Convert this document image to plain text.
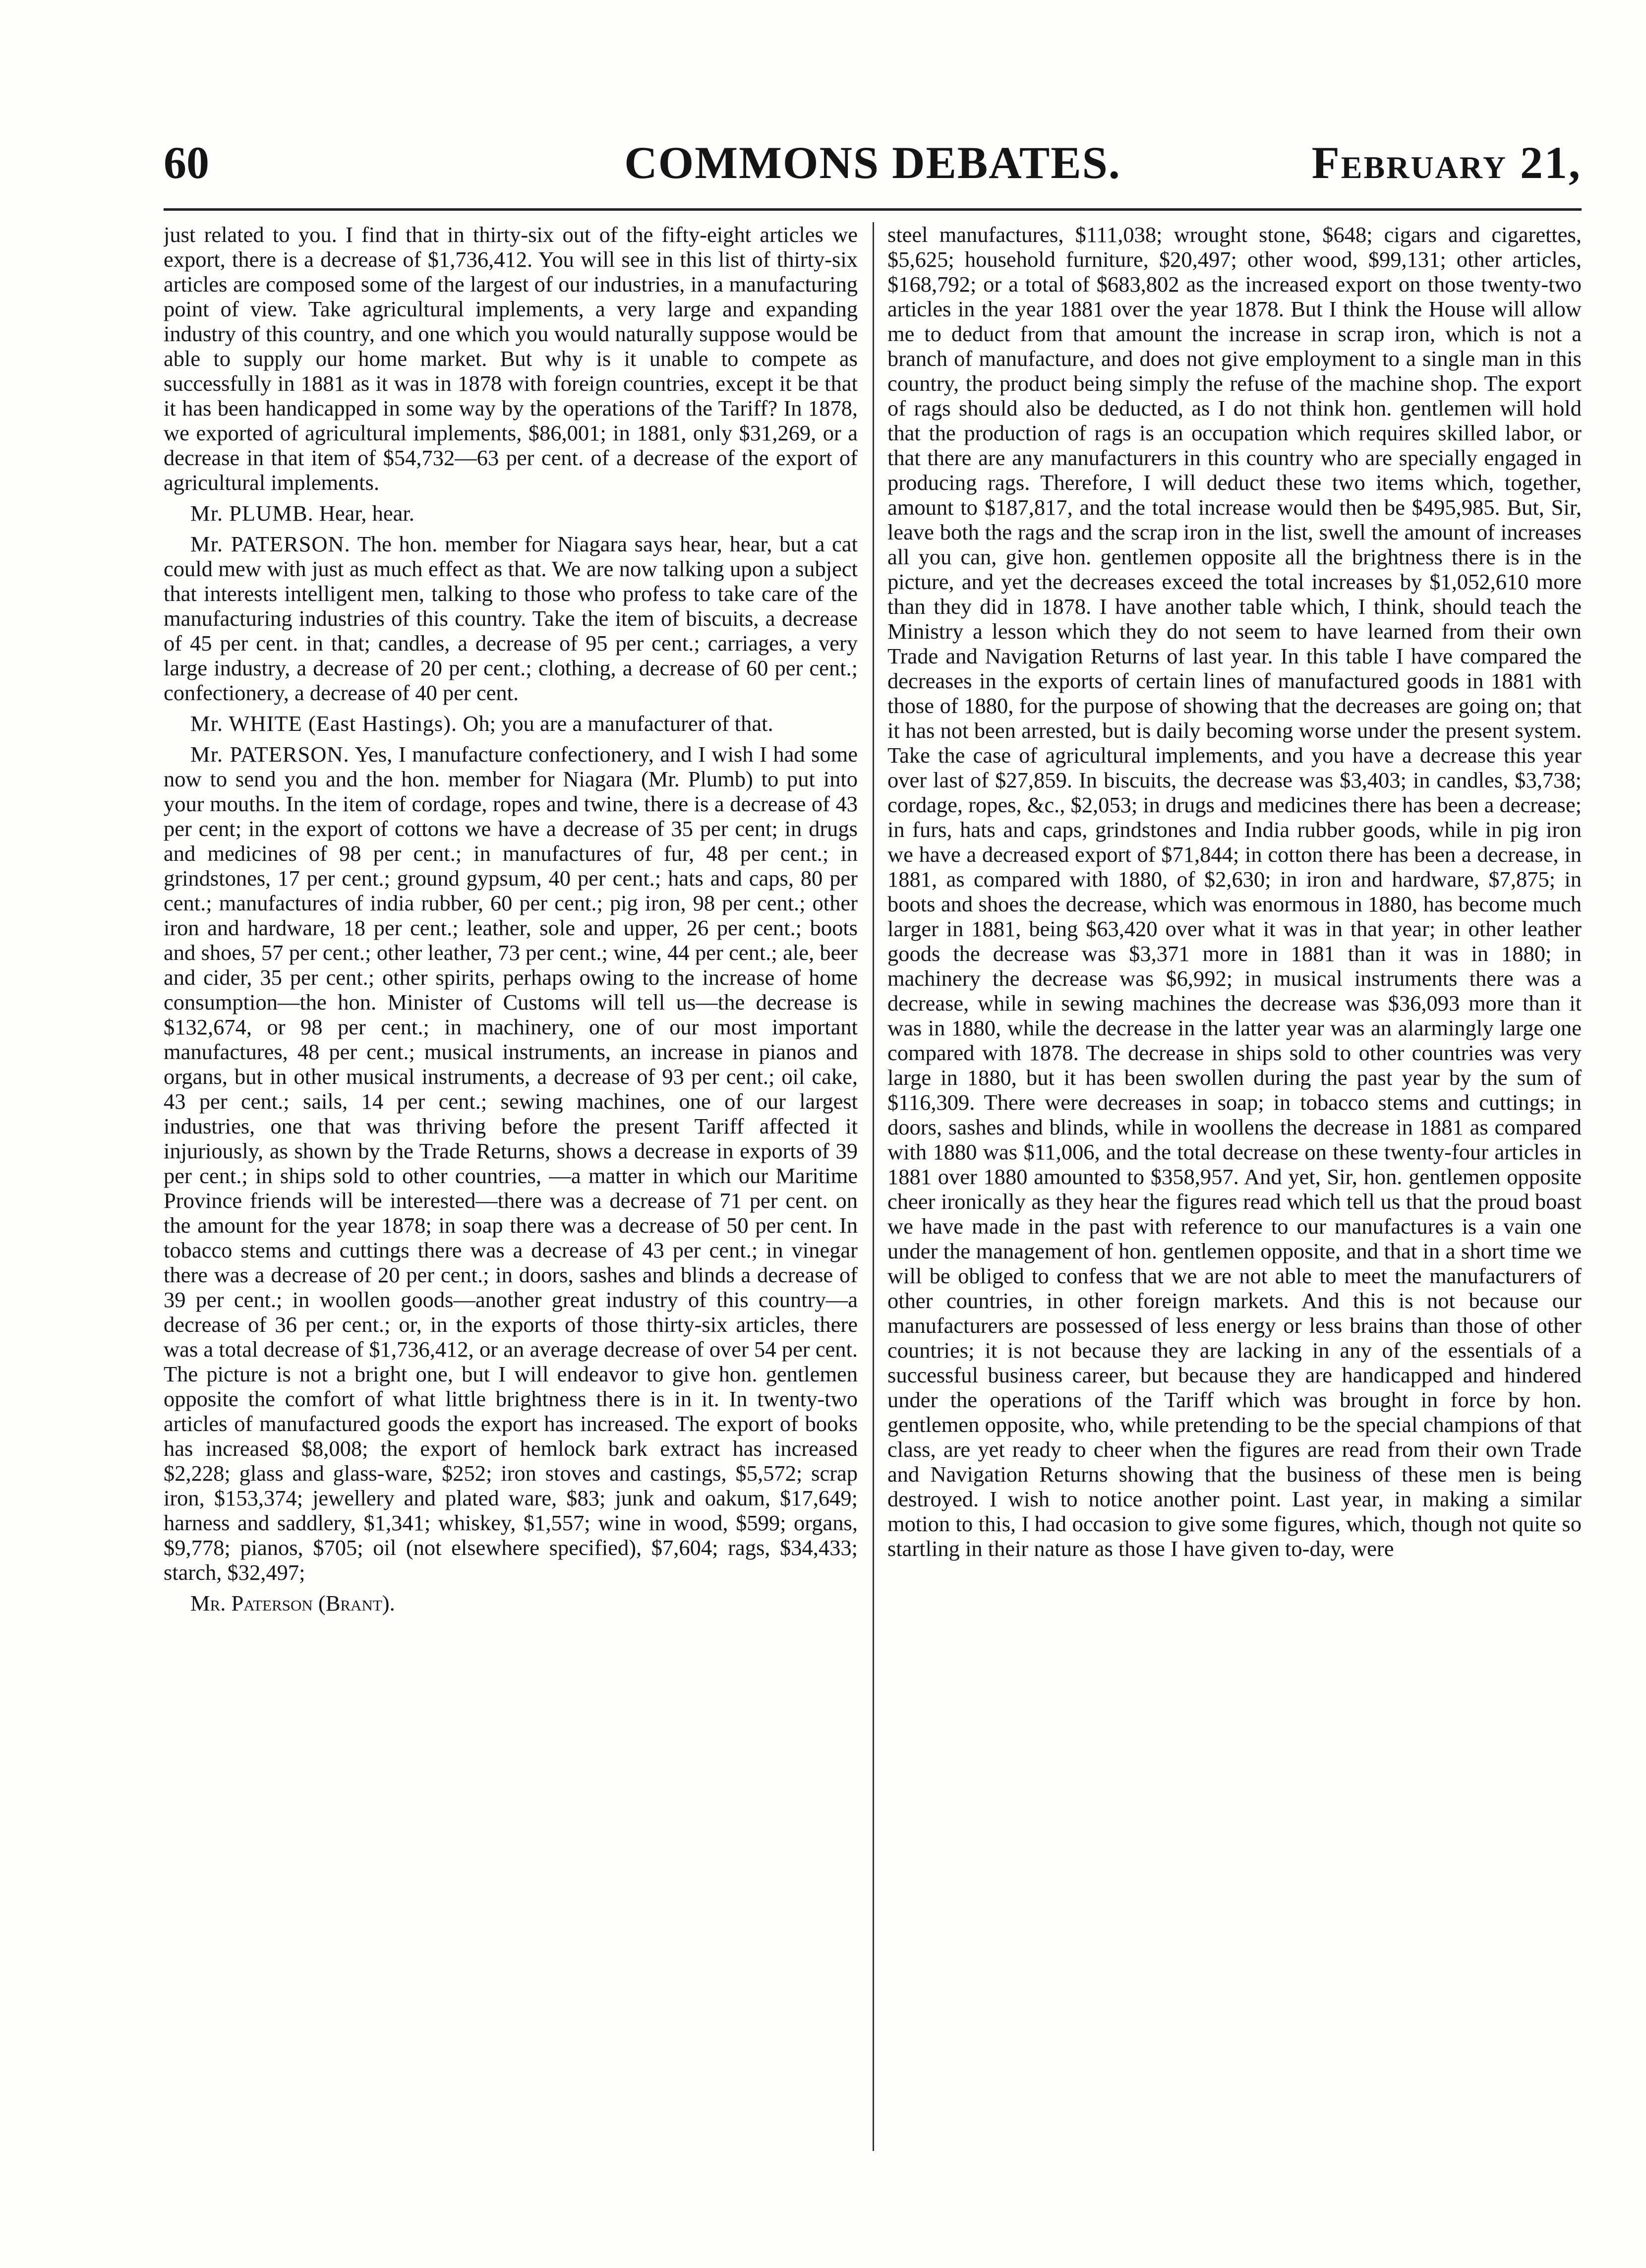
60	COMMONS DEBATES.	February 21,

just related to you. I find that in thirty-six out of the fifty-eight articles we export, there is a decrease of $1,736,412. You will see in this list of thirty-six articles are composed some of the largest of our industries, in a manufacturing point of view. Take agricultural implements, a very large and expanding industry of this country, and one which you would naturally suppose would be able to supply our home market. But why is it unable to compete as successfully in 1881 as it was in 1878 with foreign countries, except it be that it has been handicapped in some way by the operations of the Tariff? In 1878, we exported of agricultural implements, $86,001; in 1881, only $31,269, or a decrease in that item of $54,732—63 per cent. of a decrease of the export of agricultural implements.

Mr. PLUMB. Hear, hear.

Mr. PATERSON. The hon. member for Niagara says hear, hear, but a cat could mew with just as much effect as that. We are now talking upon a subject that interests intelligent men, talking to those who profess to take care of the manufacturing industries of this country. Take the item of biscuits, a decrease of 45 per cent. in that; candles, a decrease of 95 per cent.; carriages, a very large industry, a decrease of 20 per cent.; clothing, a decrease of 60 per cent.; confectionery, a decrease of 40 per cent.

Mr. WHITE (East Hastings). Oh; you are a manufacturer of that.

Mr. PATERSON. Yes, I manufacture confectionery, and I wish I had some now to send you and the hon. member for Niagara (Mr. Plumb) to put into your mouths. In the item of cordage, ropes and twine, there is a decrease of 43 per cent; in the export of cottons we have a decrease of 35 per cent; in drugs and medicines of 98 per cent.; in manufactures of fur, 48 per cent.; in grindstones, 17 per cent.; ground gypsum, 40 per cent.; hats and caps, 80 per cent.; manufactures of india rubber, 60 per cent.; pig iron, 98 per cent.; other iron and hardware, 18 per cent.; leather, sole and upper, 26 per cent.; boots and shoes, 57 per cent.; other leather, 73 per cent.; wine, 44 per cent.; ale, beer and cider, 35 per cent.; other spirits, perhaps owing to the increase of home consumption—the hon. Minister of Customs will tell us—the decrease is $132,674, or 98 per cent.; in machinery, one of our most important manufactures, 48 per cent.; musical instruments, an increase in pianos and organs, but in other musical instruments, a decrease of 93 per cent.; oil cake, 43 per cent.; sails, 14 per cent.; sewing machines, one of our largest industries, one that was thriving before the present Tariff affected it injuriously, as shown by the Trade Returns, shows a decrease in exports of 39 per cent.; in ships sold to other countries, —a matter in which our Maritime Province friends will be interested—there was a decrease of 71 per cent. on the amount for the year 1878; in soap there was a decrease of 50 per cent. In tobacco stems and cuttings there was a decrease of 43 per cent.; in vinegar there was a decrease of 20 per cent.; in doors, sashes and blinds a decrease of 39 per cent.; in woollen goods—another great industry of this country—a decrease of 36 per cent.; or, in the exports of those thirty-six articles, there was a total decrease of $1,736,412, or an average decrease of over 54 per cent. The picture is not a bright one, but I will endeavor to give hon. gentlemen opposite the comfort of what little brightness there is in it. In twenty-two articles of manufactured goods the export has increased. The export of books has increased $8,008; the export of hemlock bark extract has increased $2,228; glass and glass-ware, $252; iron stoves and castings, $5,572; scrap iron, $153,374; jewellery and plated ware, $83; junk and oakum, $17,649; harness and saddlery, $1,341; whiskey, $1,557; wine in wood, $599; organs, $9,778; pianos, $705; oil (not elsewhere specified), $7,604; rags, $34,433; starch, $32,497;

Mr. Paterson (Brant).

steel manufactures, $111,038; wrought stone, $648; cigars and cigarettes, $5,625; household furniture, $20,497; other wood, $99,131; other articles, $168,792; or a total of $683,802 as the increased export on those twenty-two articles in the year 1881 over the year 1878. But I think the House will allow me to deduct from that amount the increase in scrap iron, which is not a branch of manufacture, and does not give employment to a single man in this country, the product being simply the refuse of the machine shop. The export of rags should also be deducted, as I do not think hon. gentlemen will hold that the production of rags is an occupation which requires skilled labor, or that there are any manufacturers in this country who are specially engaged in producing rags. Therefore, I will deduct these two items which, together, amount to $187,817, and the total increase would then be $495,985. But, Sir, leave both the rags and the scrap iron in the list, swell the amount of increases all you can, give hon. gentlemen opposite all the brightness there is in the picture, and yet the decreases exceed the total increases by $1,052,610 more than they did in 1878. I have another table which, I think, should teach the Ministry a lesson which they do not seem to have learned from their own Trade and Navigation Returns of last year. In this table I have compared the decreases in the exports of certain lines of manufactured goods in 1881 with those of 1880, for the purpose of showing that the decreases are going on; that it has not been arrested, but is daily becoming worse under the present system. Take the case of agricultural implements, and you have a decrease this year over last of $27,859. In biscuits, the decrease was $3,403; in candles, $3,738; cordage, ropes, &c., $2,053; in drugs and medicines there has been a decrease; in furs, hats and caps, grindstones and India rubber goods, while in pig iron we have a decreased export of $71,844; in cotton there has been a decrease, in 1881, as compared with 1880, of $2,630; in iron and hardware, $7,875; in boots and shoes the decrease, which was enormous in 1880, has become much larger in 1881, being $63,420 over what it was in that year; in other leather goods the decrease was $3,371 more in 1881 than it was in 1880; in machinery the decrease was $6,992; in musical instruments there was a decrease, while in sewing machines the decrease was $36,093 more than it was in 1880, while the decrease in the latter year was an alarmingly large one compared with 1878. The decrease in ships sold to other countries was very large in 1880, but it has been swollen during the past year by the sum of $116,309. There were decreases in soap; in tobacco stems and cuttings; in doors, sashes and blinds, while in woollens the decrease in 1881 as compared with 1880 was $11,006, and the total decrease on these twenty-four articles in 1881 over 1880 amounted to $358,957. And yet, Sir, hon. gentlemen opposite cheer ironically as they hear the figures read which tell us that the proud boast we have made in the past with reference to our manufactures is a vain one under the management of hon. gentlemen opposite, and that in a short time we will be obliged to confess that we are not able to meet the manufacturers of other countries, in other foreign markets. And this is not because our manufacturers are possessed of less energy or less brains than those of other countries; it is not because they are lacking in any of the essentials of a successful business career, but because they are handicapped and hindered under the operations of the Tariff which was brought in force by hon. gentlemen opposite, who, while pretending to be the special champions of that class, are yet ready to cheer when the figures are read from their own Trade and Navigation Returns showing that the business of these men is being destroyed. I wish to notice another point. Last year, in making a similar motion to this, I had occasion to give some figures, which, though not quite so startling in their nature as those I have given to-day, were
